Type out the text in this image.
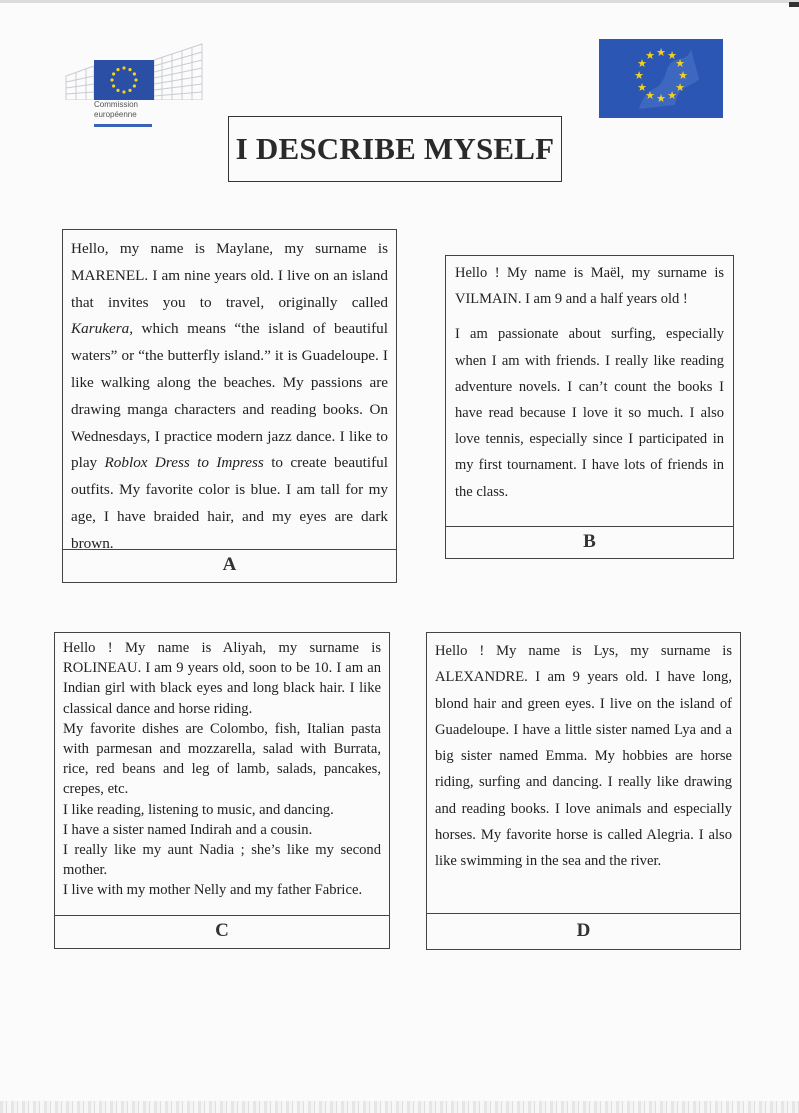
Commission
européenne
★ ★
★
★
★
★
★
★
★
★
★
★
I DESCRIBE MYSELF

Hello, my name is Maylane, my surname is MARENEL. I am nine years old. I live on an island that invites you to travel, originally called Karukera, which means “the island of beautiful waters” or “the butterfly island.” it is Guadeloupe. I like walking along the beaches. My passions are drawing manga characters and reading books. On Wednesdays, I practice modern jazz dance. I like to play Roblox Dress to Impress to create beautiful outfits. My favorite color is blue. I am tall for my age, I have braided hair, and my eyes are dark brown.

A

Hello ! My name is Maël, my surname is VILMAIN. I am 9 and a half years old !

I am passionate about surfing, especially when I am with friends. I really like reading adventure novels. I can’t count the books I have read because I love it so much. I also love tennis, especially since I participated in my first tournament. I have lots of friends in the class.

B

Hello ! My name is Aliyah, my surname is ROLINEAU. I am 9 years old, soon to be 10. I am an Indian girl with black eyes and long black hair. I like classical dance and horse riding.

My favorite dishes are Colombo, fish, Italian pasta with parmesan and mozzarella, salad with Burrata, rice, red beans and leg of lamb, salads, pancakes, crepes, etc.

I like reading, listening to music, and dancing.

I have a sister named Indirah and a cousin.

I really like my aunt Nadia ; she’s like my second mother.

I live with my mother Nelly and my father Fabrice.

C

Hello ! My name is Lys, my surname is ALEXANDRE. I am 9 years old. I have long, blond hair and green eyes. I live on the island of Guadeloupe. I have a little sister named Lya and a big sister named Emma. My hobbies are horse riding, surfing and dancing. I really like drawing and reading books. I love animals and especially horses. My favorite horse is called Alegria. I also like swimming in the sea and the river.

D
